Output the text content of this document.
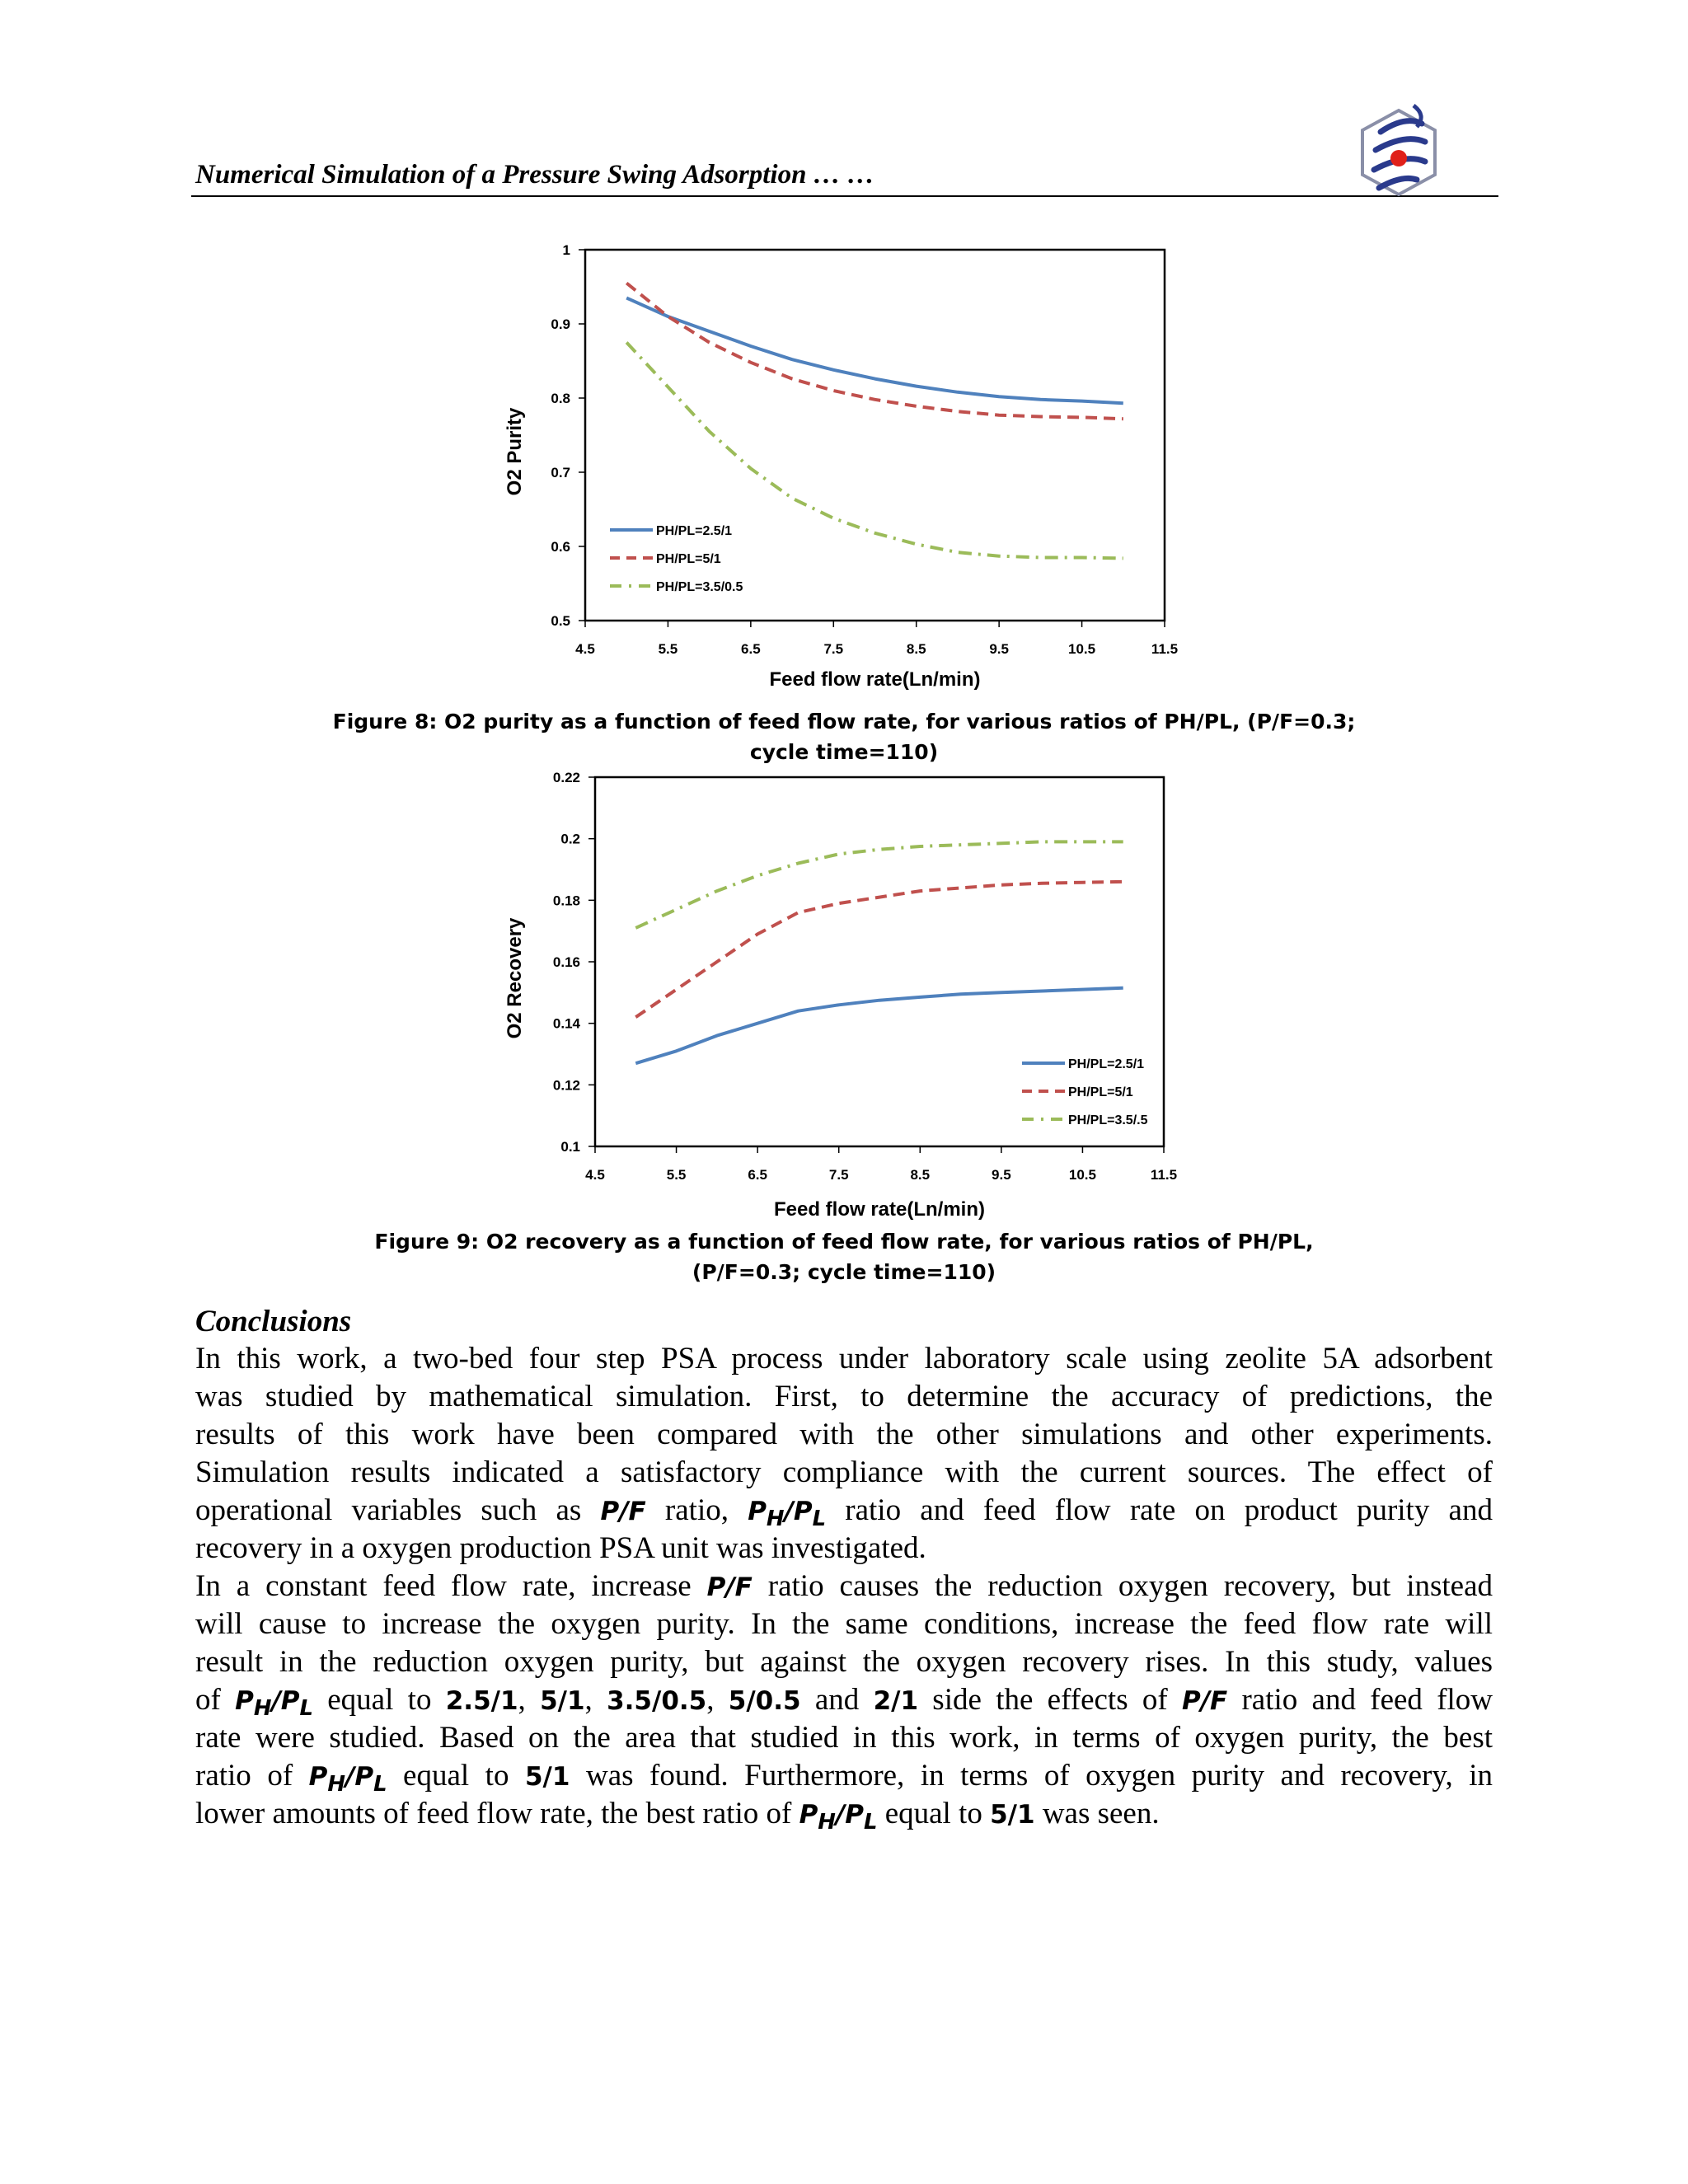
Numerical Simulation of a Pressure Swing Adsorption … …
4.5	5.5	6.5	7.5	8.5	9.5	10.5	11.5
0.5
0.6
0.7
0.8
0.9
1
Feed flow rate(Ln/min)
O2 Purity
PH/PL=2.5/1
PH/PL=5/1
PH/PL=3.5/0.5
Figure 8: O2 purity as a function of feed flow rate, for various ratios of PH/PL, (P/F=0.3;
cycle time=110)
4.5	5.5	6.5	7.5	8.5	9.5	10.5	11.5
0.1
0.12
0.14
0.16
0.18
0.2
0.22
Feed flow rate(Ln/min)
O2 Recovery
PH/PL=2.5/1
PH/PL=5/1
PH/PL=3.5/.5
Figure 9: O2 recovery as a function of feed flow rate, for various ratios of PH/PL,
(P/F=0.3; cycle time=110)
Conclusions
In this work, a two-bed four step PSA process under laboratory scale using zeolite 5A adsorbent
was studied by mathematical simulation. First, to determine the accuracy of predictions, the
results of this work have been compared with the other simulations and other experiments.
Simulation results indicated a satisfactory compliance with the current sources. The effect of
operational variables such as P/F ratio, $P_H/P_L$ ratio and feed flow rate on product purity and
recovery in a oxygen production PSA unit was investigated.
In a constant feed flow rate, increase P/F ratio causes the reduction oxygen recovery, but instead
will cause to increase the oxygen purity. In the same conditions, increase the feed flow rate will
result in the reduction oxygen purity, but against the oxygen recovery rises. In this study, values
of $P_H/P_L$ equal to 2.5/1, 5/1, 3.5/0.5, 5/0.5 and 2/1 side the effects of P/F ratio and feed flow
rate were studied. Based on the area that studied in this work, in terms of oxygen purity, the best
ratio of $P_H/P_L$ equal to 5/1 was found. Furthermore, in terms of oxygen purity and recovery, in
lower amounts of feed flow rate, the best ratio of $P_H/P_L$ equal to 5/1 was seen.
